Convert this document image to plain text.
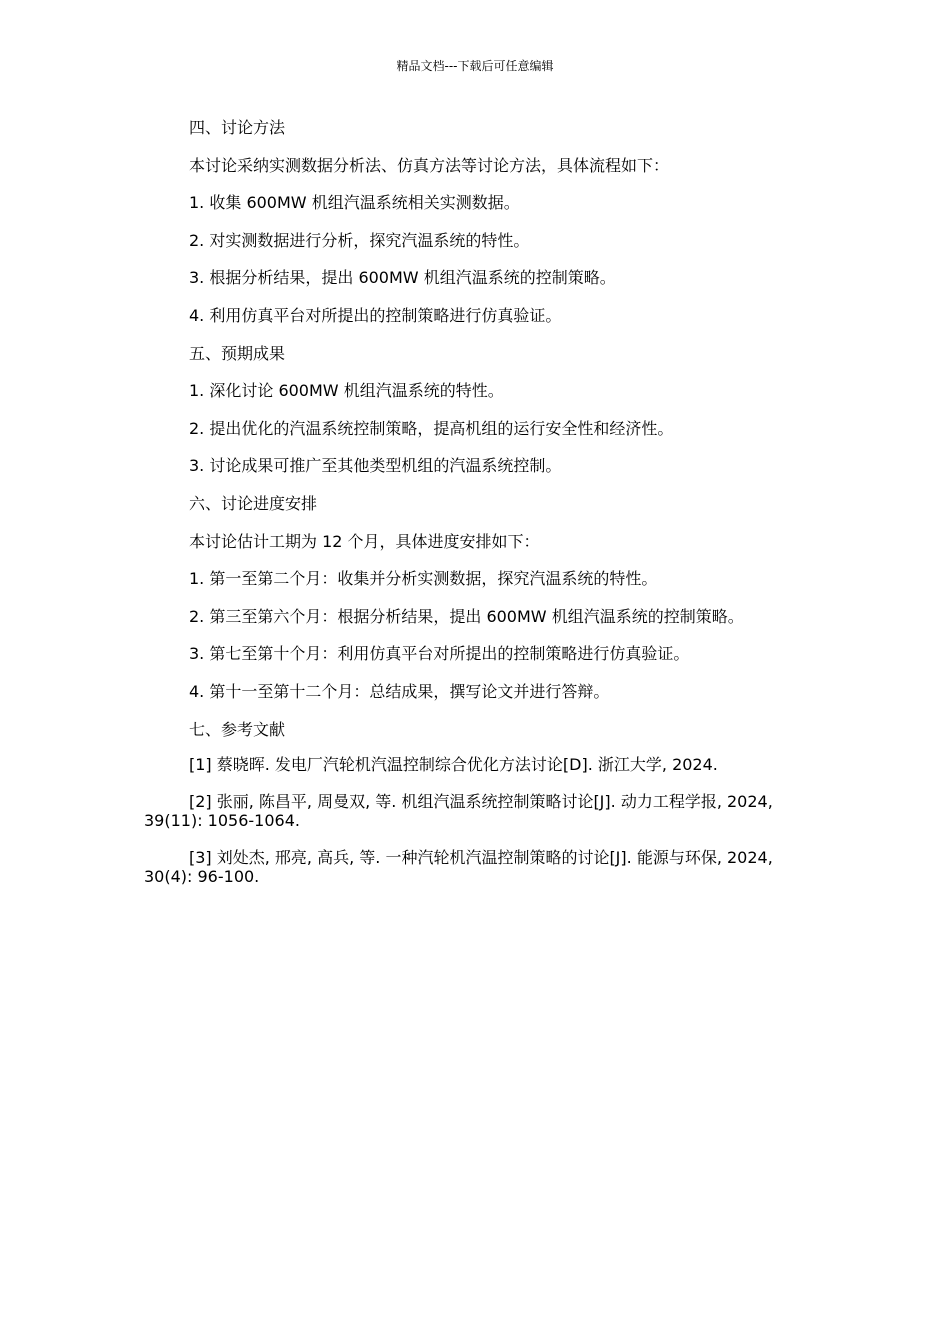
精品文档---下载后可任意编辑
四、讨论方法
本讨论采纳实测数据分析法、仿真方法等讨论方法，具体流程如下：
1. 收集 600MW 机组汽温系统相关实测数据。
2. 对实测数据进行分析，探究汽温系统的特性。
3. 根据分析结果，提出 600MW 机组汽温系统的控制策略。
4. 利用仿真平台对所提出的控制策略进行仿真验证。
五、预期成果
1. 深化讨论 600MW 机组汽温系统的特性。
2. 提出优化的汽温系统控制策略，提高机组的运行安全性和经济性。
3. 讨论成果可推广至其他类型机组的汽温系统控制。
六、讨论进度安排
本讨论估计工期为 12 个月，具体进度安排如下：
1. 第一至第二个月：收集并分析实测数据，探究汽温系统的特性。
2. 第三至第六个月：根据分析结果，提出 600MW 机组汽温系统的控制策略。
3. 第七至第十个月：利用仿真平台对所提出的控制策略进行仿真验证。
4. 第十一至第十二个月：总结成果，撰写论文并进行答辩。
七、参考文献
[1] 蔡晓晖. 发电厂汽轮机汽温控制综合优化方法讨论[D]. 浙江大学, 2024.
[2] 张丽, 陈昌平, 周曼双, 等. 机组汽温系统控制策略讨论[J]. 动力工程学报, 2024, 39(11): 1056-1064.
[3] 刘处杰, 邢亮, 高兵, 等. 一种汽轮机汽温控制策略的讨论[J]. 能源与环保, 2024, 30(4): 96-100.
